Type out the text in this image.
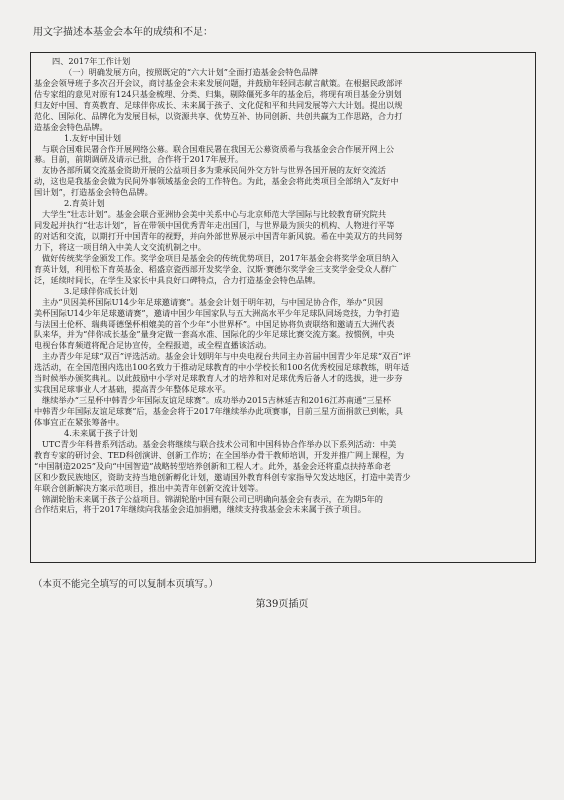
用文字描述本基金会本年的成绩和不足：
四、2017年工作计划
（一）明确发展方向，按照既定的“六大计划”全面打造基金会特色品牌
基金会领导班子多次召开会议，商讨基金会未来发展问题，并鼓励年轻同志献言献策。在根据民政部评
估专家组的意见对原有124只基金梳理、分类、归集，剔除僵死多年的基金后，将现有项目基金分别划
归友好中国、育英教育、足球伴你成长、未来属于孩子、文化促和平和共同发展等六大计划。提出以规
范化、国际化、品牌化为发展目标，以资源共享、优势互补、协同创新、共创共赢为工作思路，合力打
造基金会特色品牌。
1.友好中国计划
与联合国难民署合作开展网络公募。联合国难民署在我国无公募资质希与我基金会合作展开网上公
募。目前，前期调研及请示已批，合作将于2017年展开。
友协各部所属交流基金资助开展的公益项目多为秉承民间外交方针与世界各国开展的友好交流活
动，这也是我基金会做为民间外事领域基金会的工作特色。为此，基金会将此类项目全部纳入“友好中
国计划”，打造基金会特色品牌。
2.育英计划
大学生“壮志计划”。基金会联合亚洲协会美中关系中心与北京师范大学国际与比较教育研究院共
同发起并执行“壮志计划”，旨在带领中国优秀青年走出国门，与世界最为顶尖的机构、人物进行平等
的对话和交流，以期打开中国青年的视野，并向外部世界展示中国青年新风貌。希在中美双方的共同努
力下，将这一项目纳入中美人文交流机制之中。
做好传统奖学金颁发工作。奖学金项目是基金会的传统优势项目，2017年基金会将奖学金项目纳入
育英计划，利用松下育英基金、稻盛京瓷西部开发奖学金、汉斯·赛德尔奖学金三支奖学金受众人群广
泛，延续时间长，在学生及家长中具良好口碑特点，合力打造基金会特色品牌。
3.足球伴你成长计划
主办“贝因美杯国际U14少年足球邀请赛”。基金会计划于明年初，与中国足协合作，举办“贝因
美杯国际U14少年足球邀请赛”，邀请中国少年国家队与五大洲高水平少年足球队同场竞技，力争打造
与法国土伦杯、瑞典哥德堡杯相媲美的首个少年“小世界杯”。中国足协将负责联络和邀请五大洲代表
队来华，并为“伴你成长基金”量身定做一套高水准、国际化的少年足球比赛交流方案。按惯例，中央
电视台体育频道将配合足协宣传，全程报道，或全程直播该活动。
主办青少年足球“双百”评选活动。基金会计划明年与中央电视台共同主办首届中国青少年足球“双百”评
选活动，在全国范围内选出100名致力于推动足球教育的中小学校长和100名优秀校园足球教练，明年适
当时候举办颁奖典礼。以此鼓励中小学对足球教育人才的培养和对足球优秀后备人才的选拔，进一步夯
实我国足球事业人才基础，提高青少年整体足球水平。
继续举办“三星杯中韩青少年国际友谊足球赛”。成功举办2015吉林延吉和2016江苏南通“三星杯
中韩青少年国际友谊足球赛”后，基金会将于2017年继续举办此项赛事，目前三星方面捐款已到帐，具
体事宜正在紧张筹备中。
4.未来属于孩子计划
UTC青少年科普系列活动。基金会将继续与联合技术公司和中国科协合作举办以下系列活动：中美
教育专家的研讨会、TED科创演讲、创新工作坊；在全国举办骨干教师培训，开发并推广网上课程，为
“中国制造2025”及向“中国智造”战略转型培养创新和工程人才。此外，基金会还将重点扶持革命老
区和少数民族地区，资助支持当地创新孵化计划，邀请国外教育科创专家指导欠发达地区，打造中美青少
年联合创新解决方案示范项目，推出中美青年创新交流计划等。
锦湖轮胎未来属于孩子公益项目。锦湖轮胎中国有限公司已明确向基金会有表示，在为期5年的
合作结束后，将于2017年继续向我基金会追加捐赠，继续支持我基金会未来属于孩子项目。
（本页不能完全填写的可以复制本页填写。）
第39页插页
